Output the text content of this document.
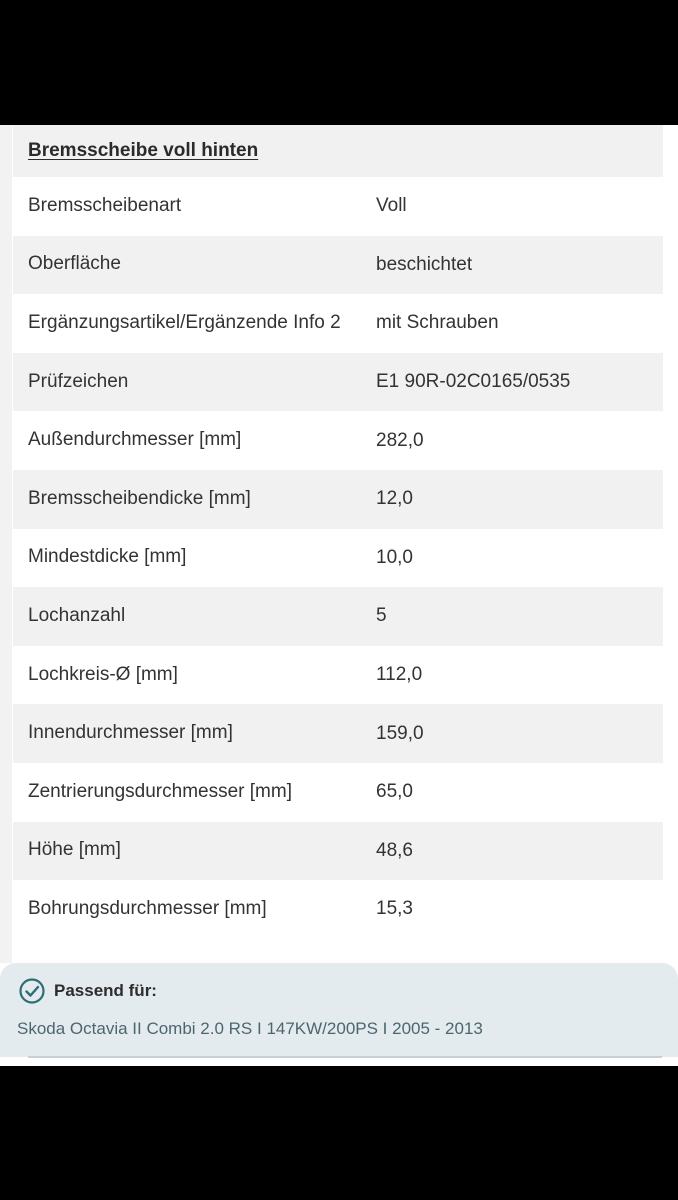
Bremsscheibe voll hinten
Bremsscheibenart	Voll
Oberfläche	beschichtet
Ergänzungsartikel/Ergänzende Info 2	mit Schrauben
Prüfzeichen	E1 90R-02C0165/0535
Außendurchmesser [mm]	282,0
Bremsscheibendicke [mm]	12,0
Mindestdicke [mm]	10,0
Lochanzahl	5
Lochkreis-Ø [mm]	112,0
Innendurchmesser [mm]	159,0
Zentrierungsdurchmesser [mm]	65,0
Höhe [mm]	48,6
Bohrungsdurchmesser [mm]	15,3
Passend für:
Skoda Octavia II Combi 2.0 RS I 147KW/200PS I 2005 - 2013
